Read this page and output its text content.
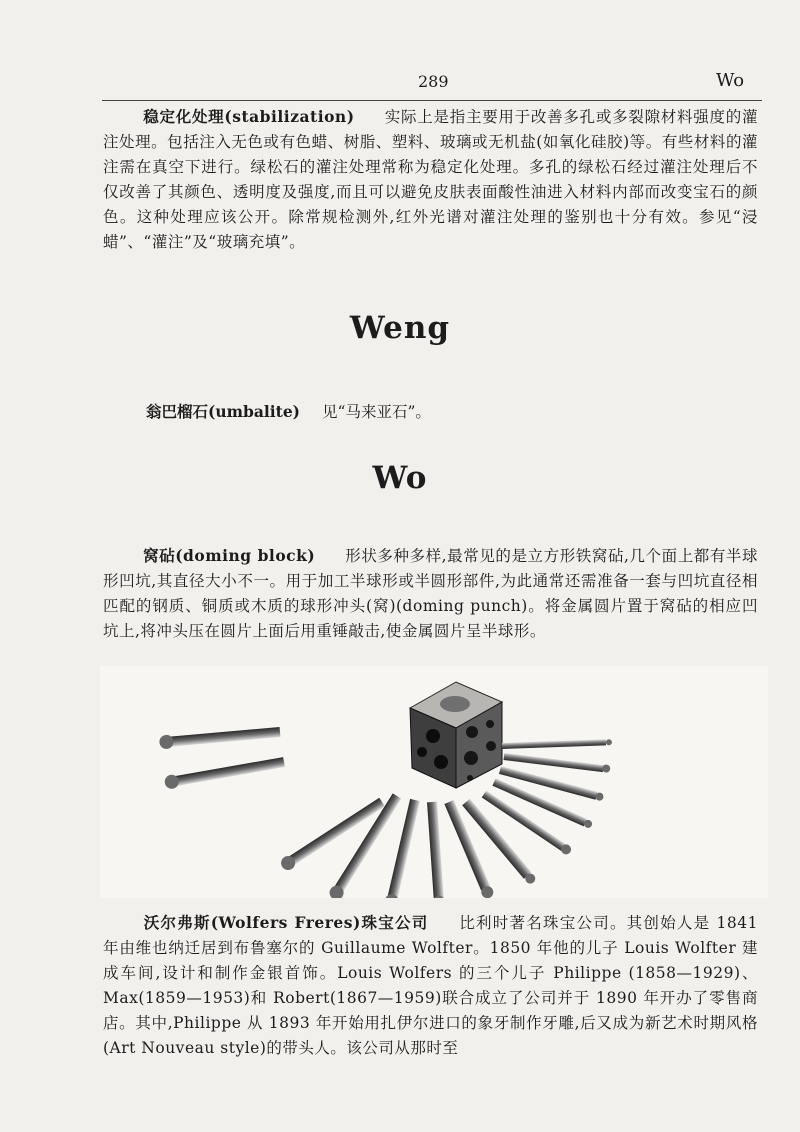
289	Wo

稳定化处理(stabilization) 实际上是指主要用于改善多孔或多裂隙材料强度的灌注处理。包括注入无色或有色蜡、树脂、塑料、玻璃或无机盐(如氧化硅胶)等。有些材料的灌注需在真空下进行。绿松石的灌注处理常称为稳定化处理。多孔的绿松石经过灌注处理后不仅改善了其颜色、透明度及强度,而且可以避免皮肤表面酸性油进入材料内部而改变宝石的颜色。这种处理应该公开。除常规检测外,红外光谱对灌注处理的鉴别也十分有效。参见“浸蜡”、“灌注”及“玻璃充填”。

Weng
翁巴榴石(umbalite) 见“马来亚石”。
Wo

窝砧(doming block) 形状多种多样,最常见的是立方形铁窝砧,几个面上都有半球形凹坑,其直径大小不一。用于加工半球形或半圆形部件,为此通常还需准备一套与凹坑直径相匹配的钢质、铜质或木质的球形冲头(窝)(doming punch)。将金属圆片置于窝砧的相应凹坑上,将冲头压在圆片上面后用重锤敲击,使金属圆片呈半球形。

沃尔弗斯(Wolfers Freres)珠宝公司 比利时著名珠宝公司。其创始人是 1841 年由维也纳迁居到布鲁塞尔的 Guillaume Wolfter。1850 年他的儿子 Louis Wolfter 建成车间,设计和制作金银首饰。Louis Wolfers 的三个儿子 Philippe (1858—1929)、Max(1859—1953)和 Robert(1867—1959)联合成立了公司并于 1890 年开办了零售商店。其中,Philippe 从 1893 年开始用扎伊尔进口的象牙制作牙雕,后又成为新艺术时期风格(Art Nouveau style)的带头人。该公司从那时至
